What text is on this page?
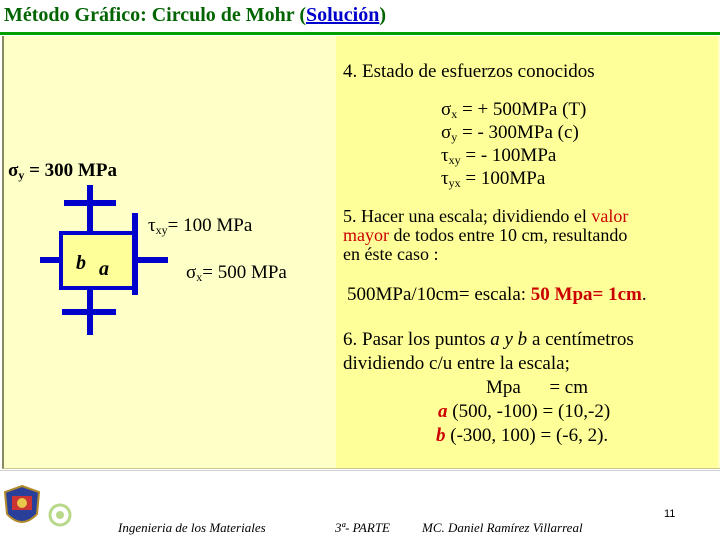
Método Gráfico: Circulo de Mohr (Solución)
b a
$\sigma_y = 300$ MPa
$\tau_{xy}= 100$ MPa
$\sigma_x= 500$ MPa
4. Estado de esfuerzos conocidos
$\sigma_x$ = + 500MPa (T)
$\sigma_y$ = - 300MPa (c)
$\tau_{xy}$ = - 100MPa
$\tau_{yx} = 100MPa$
5. Hacer una escala; dividiendo el valor
mayor de todos entre 10 cm, resultando
en éste caso :
500MPa/10cm= escala: 50 Mpa= 1cm.
6. Pasar los puntos a y b a centímetros
dividiendo c/u entre la escala;
Mpa      = cm
a (500, -100) = (10,-2)
b (-300, 100) = (-6, 2).
Ingenieria de los Materiales	3ª- PARTE MC. Daniel Ramírez Villarreal
11
